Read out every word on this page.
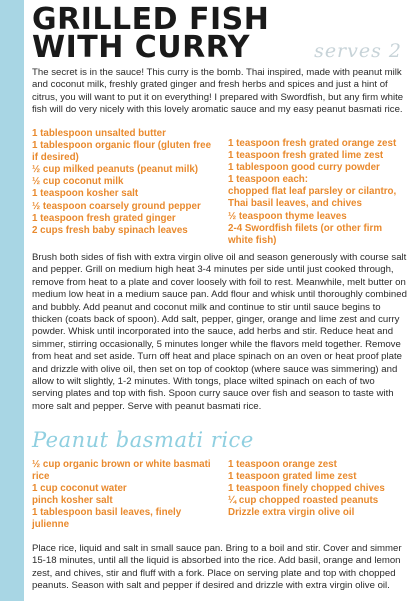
GRILLED FISH
WITH CURRY	serves 2

The secret is in the sauce! This curry is the bomb. Thai inspired, made with peanut milk and coconut milk, freshly grated ginger and fresh herbs and spices and just a hint of citrus, you will want to put it on everything! I prepared with Swordfish, but any firm white fish will do very nicely with this lovely aromatic sauce and my easy peanut basmati rice.

1 tablespoon unsalted butter
1 tablespoon organic flour (gluten free if desired)
½ cup milked peanuts (peanut milk)
½ cup coconut milk
1 teaspoon kosher salt
½ teaspoon coarsely ground pepper
1 teaspoon fresh grated ginger
2 cups fresh baby spinach leaves
1 teaspoon fresh grated orange zest
1 teaspoon fresh grated lime zest
1 tablespoon good curry powder
1 teaspoon each:
chopped flat leaf parsley or cilantro, Thai basil leaves, and chives
½ teaspoon thyme leaves
2-4 Swordfish filets (or other firm white fish)

Brush both sides of fish with extra virgin olive oil and season generously with course salt and pepper. Grill on medium high heat 3-4 minutes per side until just cooked through, remove from heat to a plate and cover loosely with foil to rest. Meanwhile, melt butter on medium low heat in a medium sauce pan. Add flour and whisk until thoroughly combined and bubbly. Add peanut and coconut milk and continue to stir until sauce begins to thicken (coats back of spoon). Add salt, pepper, ginger, orange and lime zest and curry powder. Whisk until incorporated into the sauce, add herbs and stir. Reduce heat and simmer, stirring occasionally, 5 minutes longer while the flavors meld together. Remove from heat and set aside. Turn off heat and place spinach on an oven or heat proof plate and drizzle with olive oil, then set on top of cooktop (where sauce was simmering) and allow to wilt slightly, 1-2 minutes. With tongs, place wilted spinach on each of two serving plates and top with fish. Spoon curry sauce over fish and season to taste with more salt and pepper. Serve with peanut basmati rice.

Peanut basmati rice
½ cup organic brown or white basmati rice
1 cup coconut water
pinch kosher salt
1 tablespoon basil leaves, finely julienne
1 teaspoon orange zest
1 teaspoon grated lime zest
1 teaspoon finely chopped chives
¼ cup chopped roasted peanuts
Drizzle extra virgin olive oil

Place rice, liquid and salt in small sauce pan. Bring to a boil and stir. Cover and simmer 15-18 minutes, until all the liquid is absorbed into the rice. Add basil, orange and lemon zest, and chives, stir and fluff with a fork. Place on serving plate and top with chopped peanuts. Season with salt and pepper if desired and drizzle with extra virgin olive oil.
